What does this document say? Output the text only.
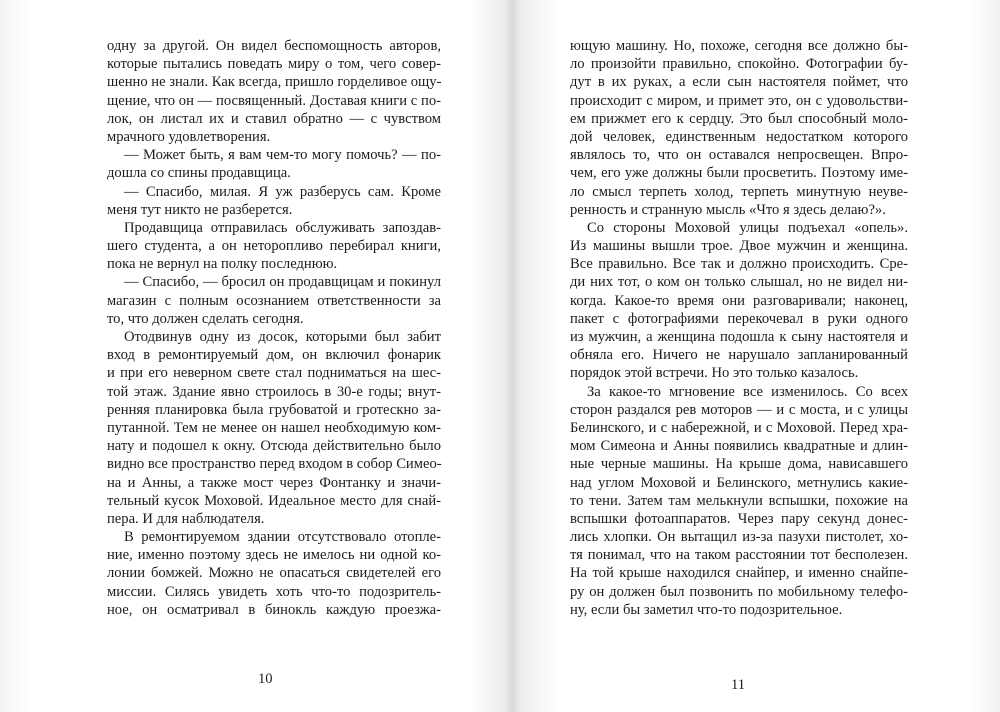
одну за другой. Он видел беспомощность авторов,
которые пытались поведать миру о том, чего совер-
шенно не знали. Как всегда, пришло горделивое ощу-
щение, что он — посвященный. Доставая книги с по-
лок, он листал их и ставил обратно — с чувством
мрачного удовлетворения.
— Может быть, я вам чем-то могу помочь? — по-
дошла со спины продавщица.
— Спасибо, милая. Я уж разберусь сам. Кроме
меня тут никто не разберется.
Продавщица отправилась обслуживать запоздав-
шего студента, а он неторопливо перебирал книги,
пока не вернул на полку последнюю.
— Спасибо, — бросил он продавщицам и покинул
магазин с полным осознанием ответственности за
то, что должен сделать сегодня.
Отодвинув одну из досок, которыми был забит
вход в ремонтируемый дом, он включил фонарик
и при его неверном свете стал подниматься на шес-
той этаж. Здание явно строилось в 30-е годы; внут-
ренняя планировка была грубоватой и гротескно за-
путанной. Тем не менее он нашел необходимую ком-
нату и подошел к окну. Отсюда действительно было
видно все пространство перед входом в собор Симео-
на и Анны, а также мост через Фонтанку и значи-
тельный кусок Моховой. Идеальное место для снай-
пера. И для наблюдателя.
В ремонтируемом здании отсутствовало отопле-
ние, именно поэтому здесь не имелось ни одной ко-
лонии бомжей. Можно не опасаться свидетелей его
миссии. Силясь увидеть хоть что-то подозритель-
ное, он осматривал в бинокль каждую проезжа-
ющую машину. Но, похоже, сегодня все должно бы-
ло произойти правильно, спокойно. Фотографии бу-
дут в их руках, а если сын настоятеля поймет, что
происходит с миром, и примет это, он с удовольстви-
ем прижмет его к сердцу. Это был способный моло-
дой человек, единственным недостатком которого
являлось то, что он оставался непросвещен. Впро-
чем, его уже должны были просветить. Поэтому име-
ло смысл терпеть холод, терпеть минутную неуве-
ренность и странную мысль «Что я здесь делаю?».
Со стороны Моховой улицы подъехал «опель».
Из машины вышли трое. Двое мужчин и женщина.
Все правильно. Все так и должно происходить. Сре-
ди них тот, о ком он только слышал, но не видел ни-
когда. Какое-то время они разговаривали; наконец,
пакет с фотографиями перекочевал в руки одного
из мужчин, а женщина подошла к сыну настоятеля и
обняла его. Ничего не нарушало запланированный
порядок этой встречи. Но это только казалось.
За какое-то мгновение все изменилось. Со всех
сторон раздался рев моторов — и с моста, и с улицы
Белинского, и с набережной, и с Моховой. Перед хра-
мом Симеона и Анны появились квадратные и длин-
ные черные машины. На крыше дома, нависавшего
над углом Моховой и Белинского, метнулись какие-
то тени. Затем там мелькнули вспышки, похожие на
вспышки фотоаппаратов. Через пару секунд донес-
лись хлопки. Он вытащил из-за пазухи пистолет, хо-
тя понимал, что на таком расстоянии тот бесполезен.
На той крыше находился снайпер, и именно снайпе-
ру он должен был позвонить по мобильному телефо-
ну, если бы заметил что-то подозрительное.
10	11
